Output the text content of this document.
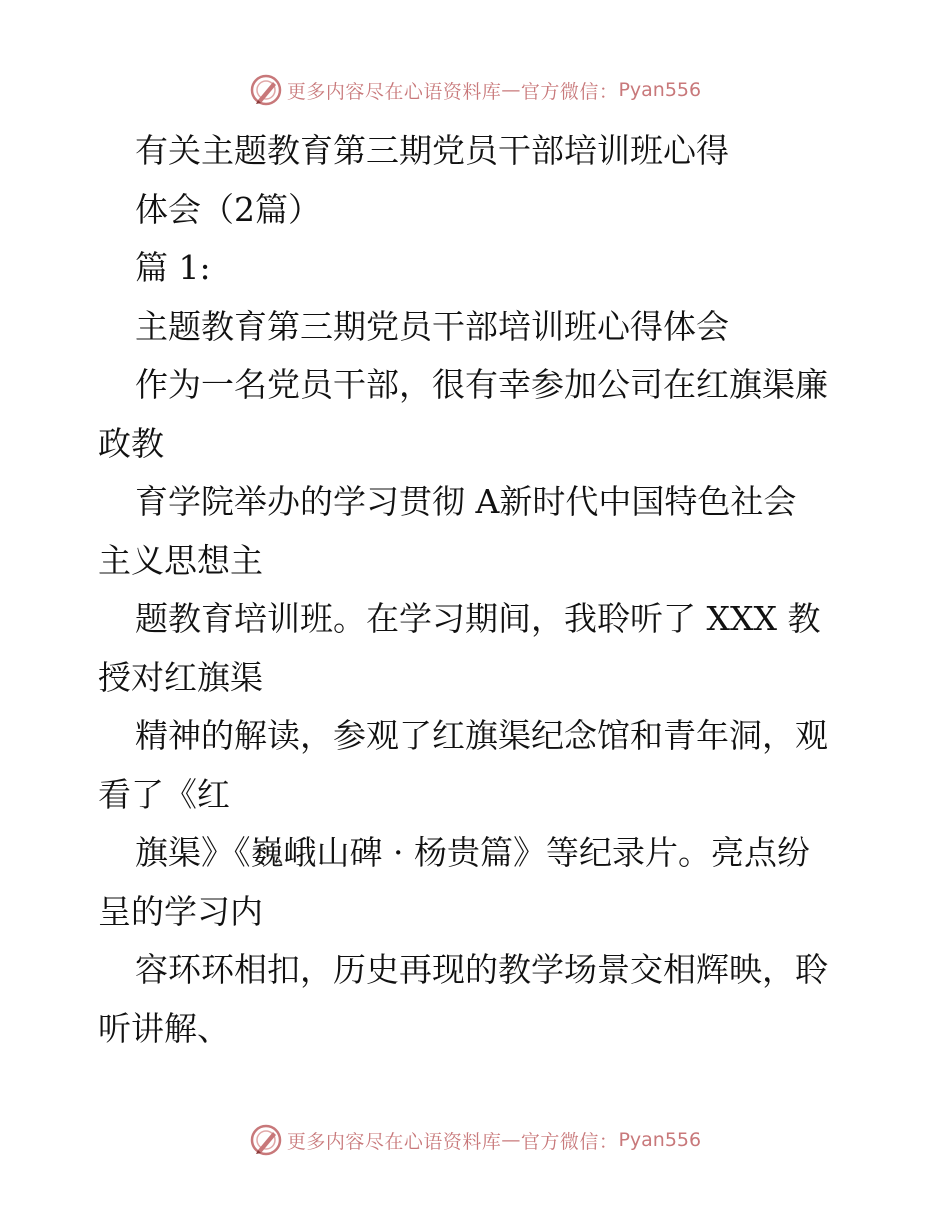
更多内容尽在心语资料库 — 官方微信： Pyan556
有关主题教育第三期党员干部培训班心得
体会（2篇）
篇 1:
主题教育第三期党员干部培训班心得体会
作为一名党员干部，很有幸参加公司在红旗渠廉
政教
育学院举办的学习贯彻 A新时代中国特色社会
主义思想主
题教育培训班。在学习期间，我聆听了 XXX 教
授对红旗渠
精神的解读，参观了红旗渠纪念馆和青年洞，观
看了《红
旗渠》《巍峨山碑 · 杨贵篇》等纪录片。亮点纷
呈的学习内
容环环相扣，历史再现的教学场景交相辉映，聆
听讲解、
更多内容尽在心语资料库 — 官方微信： Pyan556
